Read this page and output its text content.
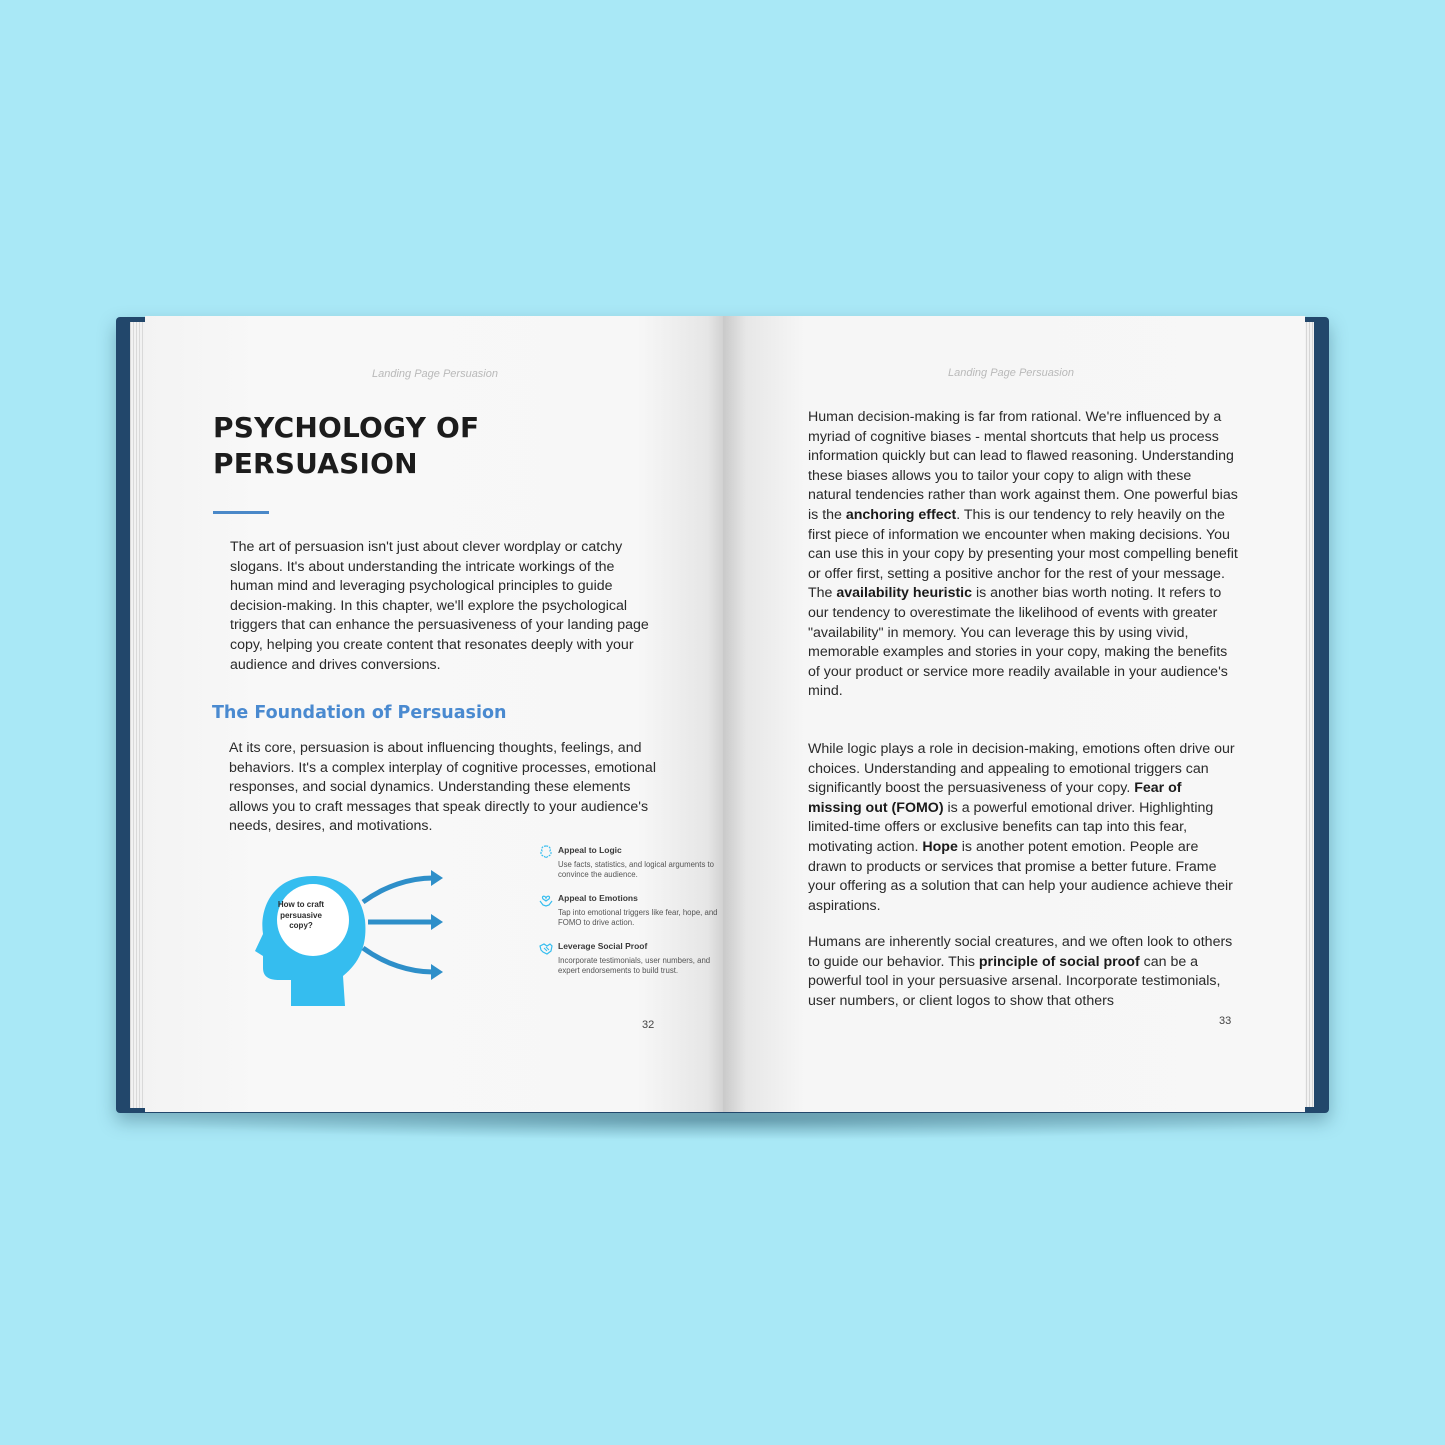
Landing Page Persuasion
PSYCHOLOGY OF PERSUASION

The art of persuasion isn't just about clever wordplay or catchy slogans. It's about understanding the intricate workings of the human mind and leveraging psychological principles to guide decision-making. In this chapter, we'll explore the psychological triggers that can enhance the persuasiveness of your landing page copy, helping you create content that resonates deeply with your audience and drives conversions.

The Foundation of Persuasion

At its core, persuasion is about influencing thoughts, feelings, and behaviors. It's a complex interplay of cognitive processes, emotional responses, and social dynamics. Understanding these elements allows you to craft messages that speak directly to your audience's needs, desires, and motivations.

How to craft persuasive copy?
Appeal to Logic
Use facts, statistics, and logical arguments to convince the audience.
Appeal to Emotions
Tap into emotional triggers like fear, hope, and FOMO to drive action.
Leverage Social Proof
Incorporate testimonials, user numbers, and expert endorsements to build trust.
32
Landing Page Persuasion

Human decision-making is far from rational. We're influenced by a myriad of cognitive biases - mental shortcuts that help us process information quickly but can lead to flawed reasoning. Understanding these biases allows you to tailor your copy to align with these natural tendencies rather than work against them. One powerful bias is the anchoring effect. This is our tendency to rely heavily on the first piece of information we encounter when making decisions. You can use this in your copy by presenting your most compelling benefit or offer first, setting a positive anchor for the rest of your message. The availability heuristic is another bias worth noting. It refers to our tendency to overestimate the likelihood of events with greater "availability" in memory. You can leverage this by using vivid, memorable examples and stories in your copy, making the benefits of your product or service more readily available in your audience's mind.

While logic plays a role in decision-making, emotions often drive our choices. Understanding and appealing to emotional triggers can significantly boost the persuasiveness of your copy. Fear of missing out (FOMO) is a powerful emotional driver. Highlighting limited-time offers or exclusive benefits can tap into this fear, motivating action. Hope is another potent emotion. People are drawn to products or services that promise a better future. Frame your offering as a solution that can help your audience achieve their aspirations.

Humans are inherently social creatures, and we often look to others to guide our behavior. This principle of social proof can be a powerful tool in your persuasive arsenal. Incorporate testimonials, user numbers, or client logos to show that others

33
